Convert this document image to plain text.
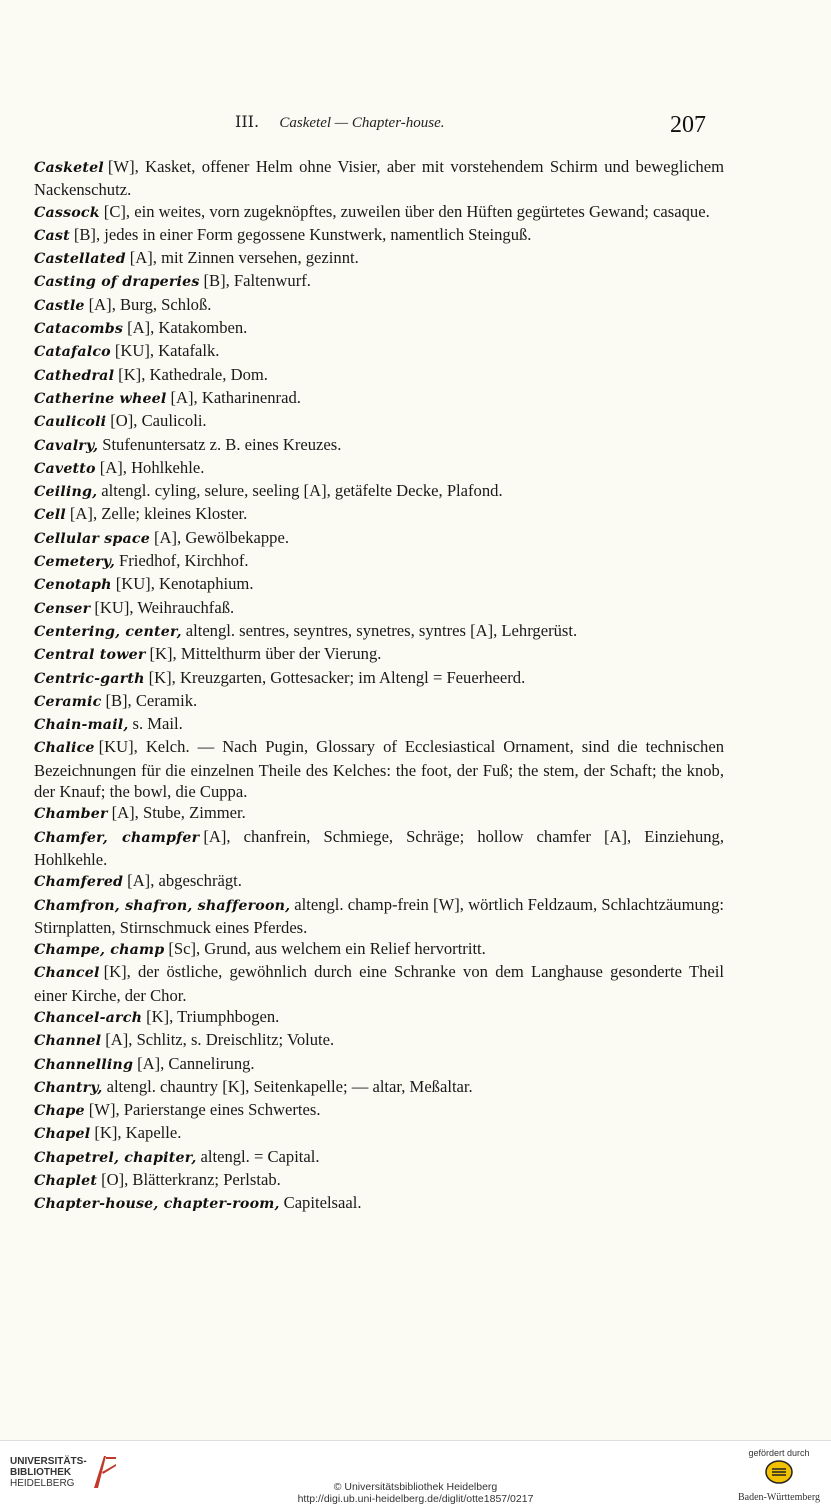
III. Casketel — Chapter-house.	207
Casketel [W], Kasket, offener Helm ohne Visier, aber mit vorstehendem Schirm und beweglichem Nackenschutz.
Cassock [C], ein weites, vorn zugeknöpftes, zuweilen über den Hüften gegürtetes Gewand; casaque.
Cast [B], jedes in einer Form gegossene Kunstwerk, namentlich Steinguß.
Castellated [A], mit Zinnen versehen, gezinnt.
Casting of draperies [B], Faltenwurf.
Castle [A], Burg, Schloß.
Catacombs [A], Katakomben.
Catafalco [KU], Katafalk.
Cathedral [K], Kathedrale, Dom.
Catherine wheel [A], Katharinenrad.
Caulicoli [O], Caulicoli.
Cavalry, Stufenuntersatz z. B. eines Kreuzes.
Cavetto [A], Hohlkehle.
Ceiling, altengl. cyling, selure, seeling [A], getäfelte Decke, Plafond.
Cell [A], Zelle; kleines Kloster.
Cellular space [A], Gewölbekappe.
Cemetery, Friedhof, Kirchhof.
Cenotaph [KU], Kenotaphium.
Censer [KU], Weihrauchfaß.
Centering, center, altengl. sentres, seyntres, synetres, syntres [A], Lehrgerüst.
Central tower [K], Mittelthurm über der Vierung.
Centric-garth [K], Kreuzgarten, Gottesacker; im Altengl = Feuerheerd.
Ceramic [B], Ceramik.
Chain-mail, s. Mail.
Chalice [KU], Kelch. — Nach Pugin, Glossary of Ecclesiastical Ornament, sind die technischen Bezeichnungen für die einzelnen Theile des Kelches: the foot, der Fuß; the stem, der Schaft; the knob, der Knauf; the bowl, die Cuppa.
Chamber [A], Stube, Zimmer.
Chamfer, champfer [A], chanfrein, Schmiege, Schräge; hollow chamfer [A], Einziehung, Hohlkehle.
Chamfered [A], abgeschrägt.
Chamfron, shafron, shafferoon, altengl. champ-frein [W], wörtlich Feldzaum, Schlachtzäumung: Stirnplatten, Stirnschmuck eines Pferdes.
Champe, champ [Sc], Grund, aus welchem ein Relief hervortritt.
Chancel [K], der östliche, gewöhnlich durch eine Schranke von dem Langhause gesonderte Theil einer Kirche, der Chor.
Chancel-arch [K], Triumphbogen.
Channel [A], Schlitz, s. Dreischlitz; Volute.
Channelling [A], Cannelirung.
Chantry, altengl. chauntry [K], Seitenkapelle; — altar, Meßaltar.
Chape [W], Parierstange eines Schwertes.
Chapel [K], Kapelle.
Chapetrel, chapiter, altengl. = Capital.
Chaplet [O], Blätterkranz; Perlstab.
Chapter-house, chapter-room, Capitelsaal.
UNIVERSITÄTS-
BIBLIOTHEK
HEIDELBERG	© Universitätsbibliothek Heidelberg
http://digi.ub.uni-heidelberg.de/diglit/otte1857/0217
gefördert durch
Baden-Württemberg
